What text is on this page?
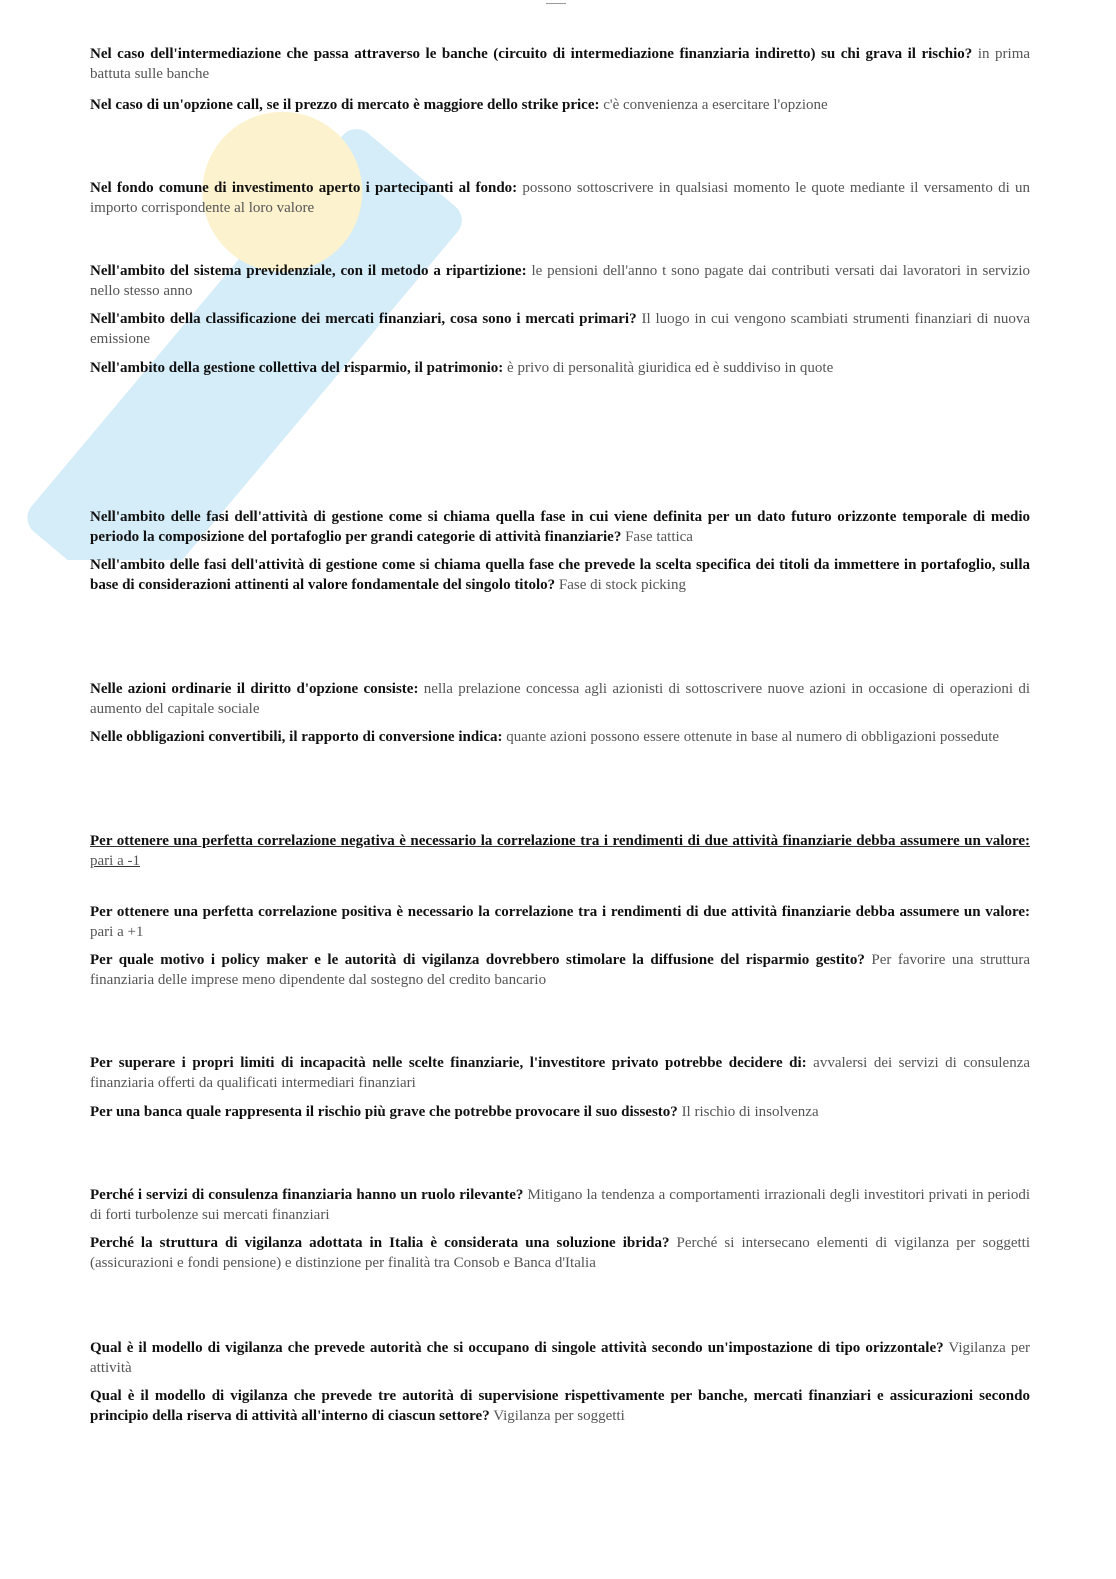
Nel caso dell'intermediazione che passa attraverso le banche (circuito di intermediazione finanziaria indiretto) su chi grava il rischio? in prima battuta sulle banche
Nel caso di un'opzione call, se il prezzo di mercato è maggiore dello strike price: c'è convenienza a esercitare l'opzione
Nel fondo comune di investimento aperto i partecipanti al fondo: possono sottoscrivere in qualsiasi momento le quote mediante il versamento di un importo corrispondente al loro valore
Nell'ambito del sistema previdenziale, con il metodo a ripartizione: le pensioni dell'anno t sono pagate dai contributi versati dai lavoratori in servizio nello stesso anno
Nell'ambito della classificazione dei mercati finanziari, cosa sono i mercati primari? Il luogo in cui vengono scambiati strumenti finanziari di nuova emissione
Nell'ambito della gestione collettiva del risparmio, il patrimonio: è privo di personalità giuridica ed è suddiviso in quote
Nell'ambito delle fasi dell'attività di gestione come si chiama quella fase in cui viene definita per un dato futuro orizzonte temporale di medio periodo la composizione del portafoglio per grandi categorie di attività finanziarie? Fase tattica
Nell'ambito delle fasi dell'attività di gestione come si chiama quella fase che prevede la scelta specifica dei titoli da immettere in portafoglio, sulla base di considerazioni attinenti al valore fondamentale del singolo titolo? Fase di stock picking
Nelle azioni ordinarie il diritto d'opzione consiste: nella prelazione concessa agli azionisti di sottoscrivere nuove azioni in occasione di operazioni di aumento del capitale sociale
Nelle obbligazioni convertibili, il rapporto di conversione indica: quante azioni possono essere ottenute in base al numero di obbligazioni possedute
Per ottenere una perfetta correlazione negativa è necessario la correlazione tra i rendimenti di due attività finanziarie debba assumere un valore: pari a -1
Per ottenere una perfetta correlazione positiva è necessario la correlazione tra i rendimenti di due attività finanziarie debba assumere un valore: pari a +1
Per quale motivo i policy maker e le autorità di vigilanza dovrebbero stimolare la diffusione del risparmio gestito? Per favorire una struttura finanziaria delle imprese meno dipendente dal sostegno del credito bancario
Per superare i propri limiti di incapacità nelle scelte finanziarie, l'investitore privato potrebbe decidere di: avvalersi dei servizi di consulenza finanziaria offerti da qualificati intermediari finanziari
Per una banca quale rappresenta il rischio più grave che potrebbe provocare il suo dissesto? Il rischio di insolvenza
Perché i servizi di consulenza finanziaria hanno un ruolo rilevante? Mitigano la tendenza a comportamenti irrazionali degli investitori privati in periodi di forti turbolenze sui mercati finanziari
Perché la struttura di vigilanza adottata in Italia è considerata una soluzione ibrida? Perché si intersecano elementi di vigilanza per soggetti (assicurazioni e fondi pensione) e distinzione per finalità tra Consob e Banca d'Italia
Qual è il modello di vigilanza che prevede autorità che si occupano di singole attività secondo un'impostazione di tipo orizzontale? Vigilanza per attività
Qual è il modello di vigilanza che prevede tre autorità di supervisione rispettivamente per banche, mercati finanziari e assicurazioni secondo principio della riserva di attività all'interno di ciascun settore? Vigilanza per soggetti
